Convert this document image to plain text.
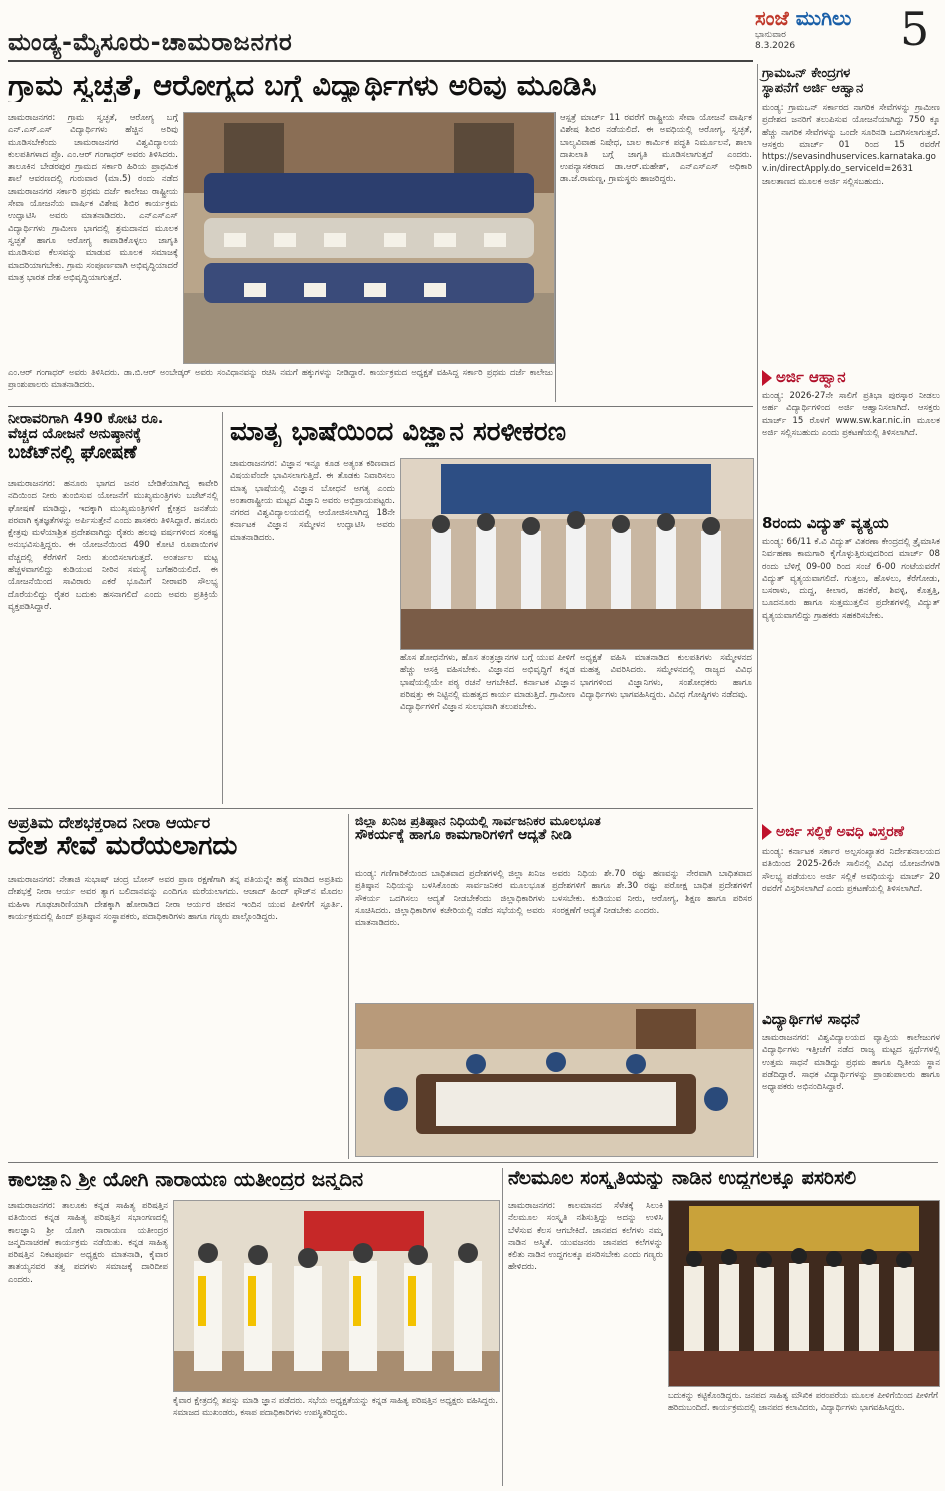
ಮಂಡ್ಯ-ಮೈಸೂರು-ಚಾಮರಾಜನಗರ
ಸಂಜೆ ಮುಗಿಲು
ಭಾನುವಾರ
8.3.2026	5
ಗ್ರಾಮ ಸ್ವಚ್ಛತೆ, ಆರೋಗ್ಯದ ಬಗ್ಗೆ ವಿದ್ಯಾರ್ಥಿಗಳು ಅರಿವು ಮೂಡಿಸಿ
ಚಾಮರಾಜನಗರ: ಗ್ರಾಮ ಸ್ವಚ್ಛತೆ, ಆರೋಗ್ಯ ಬಗ್ಗೆ ಎನ್.ಎಸ್.ಎಸ್ ವಿದ್ಯಾರ್ಥಿಗಳು ಹೆಚ್ಚಿನ ಅರಿವು ಮೂಡಿಸಬೇಕೆಂದು ಚಾಮರಾಜನಗರ ವಿಶ್ವವಿದ್ಯಾಲಯ ಕುಲಪತಿಗಳಾದ ಪ್ರೊ. ಎಂ.ಆರ್ ಗಂಗಾಧರ್ ಅವರು ತಿಳಿಸಿದರು. ತಾಲೂಕಿನ ಬೇಡರಪುರ ಗ್ರಾಮದ ಸರ್ಕಾರಿ ಹಿರಿಯ ಪ್ರಾಥಮಿಕ ಶಾಲೆ ಆವರಣದಲ್ಲಿ ಗುರುವಾರ (ಮಾ.5) ರಂದು ನಡೆದ ಚಾಮರಾಜನಗರ ಸರ್ಕಾರಿ ಪ್ರಥಮ ದರ್ಜೆ ಕಾಲೇಜು ರಾಷ್ಟ್ರೀಯ ಸೇವಾ ಯೋಜನೆಯ ವಾರ್ಷಿಕ ವಿಶೇಷ ಶಿಬಿರ ಕಾರ್ಯಕ್ರಮ ಉದ್ಘಾಟಿಸಿ ಅವರು ಮಾತನಾಡಿದರು. ಎನ್ಎಸ್ಎಸ್ ವಿದ್ಯಾರ್ಥಿಗಳು ಗ್ರಾಮೀಣ ಭಾಗದಲ್ಲಿ ಶ್ರಮದಾನದ ಮೂಲಕ ಸ್ವಚ್ಛತೆ ಹಾಗೂ ಆರೋಗ್ಯ ಕಾಪಾಡಿಕೊಳ್ಳಲು ಜಾಗೃತಿ ಮೂಡಿಸುವ ಕೆಲಸವನ್ನು ಮಾಡುವ ಮೂಲಕ ಸಮಾಜಕ್ಕೆ ಮಾದರಿಯಾಗಬೇಕು. ಗ್ರಾಮ ಸಂಪೂರ್ಣವಾಗಿ ಅಭಿವೃದ್ಧಿಯಾದರೆ ಮಾತ್ರ ಭಾರತ ದೇಶ ಅಭಿವೃದ್ಧಿಯಾಗುತ್ತದೆ.
ಆಸ್ಪತ್ರೆ ಮಾರ್ಚ್ 11 ರವರೆಗೆ ರಾಷ್ಟ್ರೀಯ ಸೇವಾ ಯೋಜನೆ ವಾರ್ಷಿಕ ವಿಶೇಷ ಶಿಬಿರ ನಡೆಯಲಿದೆ. ಈ ಅವಧಿಯಲ್ಲಿ ಆರೋಗ್ಯ, ಸ್ವಚ್ಛತೆ, ಬಾಲ್ಯವಿವಾಹ ನಿಷೇಧ, ಬಾಲ ಕಾರ್ಮಿಕ ಪದ್ಧತಿ ನಿರ್ಮೂಲನೆ, ಶಾಲಾ ದಾಖಲಾತಿ ಬಗ್ಗೆ ಜಾಗೃತಿ ಮೂಡಿಸಲಾಗುತ್ತದೆ ಎಂದರು. ಉಪನ್ಯಾಸಕರಾದ ಡಾ.ಆರ್.ಮಹೇಶ್, ಎನ್‌ಎಸ್‌ಎಸ್ ಅಧಿಕಾರಿ ಡಾ.ಜೆ.ರಾಮಣ್ಣ, ಗ್ರಾಮಸ್ಥರು ಹಾಜರಿದ್ದರು.
ಎಂ.ಆರ್ ಗಂಗಾಧರ್ ಅವರು ತಿಳಿಸಿದರು. ಡಾ.ಬಿ.ಆರ್ ಅಂಬೇಡ್ಕರ್ ಅವರು ಸಂವಿಧಾನವನ್ನು ರಚಿಸಿ ನಮಗೆ ಹಕ್ಕುಗಳನ್ನು ನೀಡಿದ್ದಾರೆ. ಕಾರ್ಯಕ್ರಮದ ಅಧ್ಯಕ್ಷತೆ ವಹಿಸಿದ್ದ ಸರ್ಕಾರಿ ಪ್ರಥಮ ದರ್ಜೆ ಕಾಲೇಜು ಪ್ರಾಂಶುಪಾಲರು ಮಾತನಾಡಿದರು.
ನೀರಾವರಿಗಾಗಿ 490 ಕೋಟಿ ರೂ.
ವೆಚ್ಚದ ಯೋಜನೆ ಅನುಷ್ಠಾನಕ್ಕೆ
ಬಜೆಟ್‌ನಲ್ಲಿ ಘೋಷಣೆ
ಚಾಮರಾಜನಗರ: ಹನೂರು ಭಾಗದ ಜನರ ಬೇಡಿಕೆಯಾಗಿದ್ದ ಕಾವೇರಿ ನದಿಯಿಂದ ನೀರು ತುಂಬಿಸುವ ಯೋಜನೆಗೆ ಮುಖ್ಯಮಂತ್ರಿಗಳು ಬಜೆಟ್‌ನಲ್ಲಿ ಘೋಷಣೆ ಮಾಡಿದ್ದು, ಇದಕ್ಕಾಗಿ ಮುಖ್ಯಮಂತ್ರಿಗಳಿಗೆ ಕ್ಷೇತ್ರದ ಜನತೆಯ ಪರವಾಗಿ ಕೃತಜ್ಞತೆಗಳನ್ನು ಅರ್ಪಿಸುತ್ತೇನೆ ಎಂದು ಶಾಸಕರು ತಿಳಿಸಿದ್ದಾರೆ. ಹನೂರು ಕ್ಷೇತ್ರವು ಮಳೆಯಾಶ್ರಿತ ಪ್ರದೇಶವಾಗಿದ್ದು ರೈತರು ಹಲವು ವರ್ಷಗಳಿಂದ ಸಂಕಷ್ಟ ಅನುಭವಿಸುತ್ತಿದ್ದರು. ಈ ಯೋಜನೆಯಿಂದ 490 ಕೋಟಿ ರೂಪಾಯಿಗಳ ವೆಚ್ಚದಲ್ಲಿ ಕೆರೆಗಳಿಗೆ ನೀರು ತುಂಬಿಸಲಾಗುತ್ತದೆ. ಅಂತರ್ಜಲ ಮಟ್ಟ ಹೆಚ್ಚಳವಾಗಲಿದ್ದು ಕುಡಿಯುವ ನೀರಿನ ಸಮಸ್ಯೆ ಬಗೆಹರಿಯಲಿದೆ. ಈ ಯೋಜನೆಯಿಂದ ಸಾವಿರಾರು ಎಕರೆ ಭೂಮಿಗೆ ನೀರಾವರಿ ಸೌಲಭ್ಯ ದೊರೆಯಲಿದ್ದು ರೈತರ ಬದುಕು ಹಸನಾಗಲಿದೆ ಎಂದು ಅವರು ಪ್ರತಿಕ್ರಿಯೆ ವ್ಯಕ್ತಪಡಿಸಿದ್ದಾರೆ.
ಮಾತೃ ಭಾಷೆಯಿಂದ ವಿಜ್ಞಾನ ಸರಳೀಕರಣ
ಚಾಮರಾಜನಗರ: ವಿಜ್ಞಾನ ಇನ್ನೂ ಕೂಡ ಅತ್ಯಂತ ಕಠಿಣವಾದ ವಿಷಯವೆಂದೇ ಭಾವಿಸಲಾಗುತ್ತಿದೆ. ಈ ತೊಡಕು ನಿವಾರಿಸಲು ಮಾತೃ ಭಾಷೆಯಲ್ಲಿ ವಿಜ್ಞಾನ ಬೋಧನೆ ಅಗತ್ಯ ಎಂದು ಅಂತಾರಾಷ್ಟ್ರೀಯ ಮಟ್ಟದ ವಿಜ್ಞಾನಿ ಅವರು ಅಭಿಪ್ರಾಯಪಟ್ಟರು. ನಗರದ ವಿಶ್ವವಿದ್ಯಾಲಯದಲ್ಲಿ ಆಯೋಜಿಸಲಾಗಿದ್ದ 18ನೇ ಕರ್ನಾಟಕ ವಿಜ್ಞಾನ ಸಮ್ಮೇಳನ ಉದ್ಘಾಟಿಸಿ ಅವರು ಮಾತನಾಡಿದರು.
ಹೊಸ ಶೋಧನೆಗಳು, ಹೊಸ ತಂತ್ರಜ್ಞಾನಗಳ ಬಗ್ಗೆ ಯುವ ಪೀಳಿಗೆ ಹೆಚ್ಚು ಆಸಕ್ತಿ ವಹಿಸಬೇಕು. ವಿಜ್ಞಾನದ ಅಭಿವೃದ್ಧಿಗೆ ಕನ್ನಡ ಭಾಷೆಯಲ್ಲಿಯೇ ಪಠ್ಯ ರಚನೆ ಆಗಬೇಕಿದೆ. ಕರ್ನಾಟಕ ವಿಜ್ಞಾನ ಪರಿಷತ್ತು ಈ ನಿಟ್ಟಿನಲ್ಲಿ ಮಹತ್ವದ ಕಾರ್ಯ ಮಾಡುತ್ತಿದೆ. ಗ್ರಾಮೀಣ ವಿದ್ಯಾರ್ಥಿಗಳಿಗೆ ವಿಜ್ಞಾನ ಸುಲಭವಾಗಿ ತಲುಪಬೇಕು.
ಅಧ್ಯಕ್ಷತೆ ವಹಿಸಿ ಮಾತನಾಡಿದ ಕುಲಪತಿಗಳು ಸಮ್ಮೇಳನದ ಮಹತ್ವ ವಿವರಿಸಿದರು. ಸಮ್ಮೇಳನದಲ್ಲಿ ರಾಜ್ಯದ ವಿವಿಧ ಭಾಗಗಳಿಂದ ವಿಜ್ಞಾನಿಗಳು, ಸಂಶೋಧಕರು ಹಾಗೂ ವಿದ್ಯಾರ್ಥಿಗಳು ಭಾಗವಹಿಸಿದ್ದರು. ವಿವಿಧ ಗೋಷ್ಠಿಗಳು ನಡೆದವು.
ಅಪ್ರತಿಮ ದೇಶಭಕ್ತರಾದ ನೀರಾ ಆರ್ಯರ
ದೇಶ ಸೇವೆ ಮರೆಯಲಾಗದು
ಚಾಮರಾಜನಗರ: ನೇತಾಜಿ ಸುಭಾಷ್ ಚಂದ್ರ ಬೋಸ್ ಅವರ ಪ್ರಾಣ ರಕ್ಷಣೆಗಾಗಿ ತನ್ನ ಪತಿಯನ್ನೇ ಹತ್ಯೆ ಮಾಡಿದ ಅಪ್ರತಿಮ ದೇಶಭಕ್ತೆ ನೀರಾ ಆರ್ಯ ಅವರ ತ್ಯಾಗ ಬಲಿದಾನವನ್ನು ಎಂದಿಗೂ ಮರೆಯಲಾಗದು. ಆಜಾದ್ ಹಿಂದ್ ಫೌಜ್‌ನ ಮೊದಲ ಮಹಿಳಾ ಗೂಢಚಾರಿಣಿಯಾಗಿ ದೇಶಕ್ಕಾಗಿ ಹೋರಾಡಿದ ನೀರಾ ಆರ್ಯರ ಜೀವನ ಇಂದಿನ ಯುವ ಪೀಳಿಗೆಗೆ ಸ್ಫೂರ್ತಿ. ಕಾರ್ಯಕ್ರಮದಲ್ಲಿ ಹಿಂದ್ ಪ್ರತಿಷ್ಠಾನ ಸಂಸ್ಥಾಪಕರು, ಪದಾಧಿಕಾರಿಗಳು ಹಾಗೂ ಗಣ್ಯರು ಪಾಲ್ಗೊಂಡಿದ್ದರು.
ಜಿಲ್ಲಾ ಖನಿಜ ಪ್ರತಿಷ್ಠಾನ ನಿಧಿಯಲ್ಲಿ ಸಾರ್ವಜನಿಕರ ಮೂಲಭೂತ
ಸೌಕರ್ಯಕ್ಕೆ ಹಾಗೂ ಕಾಮಗಾರಿಗಳಿಗೆ ಆದ್ಯತೆ ನೀಡಿ
ಮಂಡ್ಯ: ಗಣಿಗಾರಿಕೆಯಿಂದ ಬಾಧಿತವಾದ ಪ್ರದೇಶಗಳಲ್ಲಿ ಜಿಲ್ಲಾ ಖನಿಜ ಪ್ರತಿಷ್ಠಾನ ನಿಧಿಯನ್ನು ಬಳಸಿಕೊಂಡು ಸಾರ್ವಜನಿಕರ ಮೂಲಭೂತ ಸೌಕರ್ಯ ಒದಗಿಸಲು ಆದ್ಯತೆ ನೀಡಬೇಕೆಂದು ಜಿಲ್ಲಾಧಿಕಾರಿಗಳು ಸೂಚಿಸಿದರು. ಜಿಲ್ಲಾಧಿಕಾರಿಗಳ ಕಚೇರಿಯಲ್ಲಿ ನಡೆದ ಸಭೆಯಲ್ಲಿ ಅವರು ಮಾತನಾಡಿದರು.
ಅವರು ನಿಧಿಯ ಶೇ.70 ರಷ್ಟು ಹಣವನ್ನು ನೇರವಾಗಿ ಬಾಧಿತವಾದ ಪ್ರದೇಶಗಳಿಗೆ ಹಾಗೂ ಶೇ.30 ರಷ್ಟು ಪರೋಕ್ಷ ಬಾಧಿತ ಪ್ರದೇಶಗಳಿಗೆ ಬಳಸಬೇಕು. ಕುಡಿಯುವ ನೀರು, ಆರೋಗ್ಯ, ಶಿಕ್ಷಣ ಹಾಗೂ ಪರಿಸರ ಸಂರಕ್ಷಣೆಗೆ ಆದ್ಯತೆ ನೀಡಬೇಕು ಎಂದರು.
ಕಾಲಜ್ಞಾನಿ ಶ್ರೀ ಯೋಗಿ ನಾರಾಯಣ ಯತೀಂದ್ರರ ಜನ್ಮದಿನ
ಚಾಮರಾಜನಗರ: ತಾಲೂಕು ಕನ್ನಡ ಸಾಹಿತ್ಯ ಪರಿಷತ್ತಿನ ವತಿಯಿಂದ ಕನ್ನಡ ಸಾಹಿತ್ಯ ಪರಿಷತ್ತಿನ ಸಭಾಂಗಣದಲ್ಲಿ ಕಾಲಜ್ಞಾನಿ ಶ್ರೀ ಯೋಗಿ ನಾರಾಯಣ ಯತೀಂದ್ರರ ಜನ್ಮದಿನಾಚರಣೆ ಕಾರ್ಯಕ್ರಮ ನಡೆಯಿತು. ಕನ್ನಡ ಸಾಹಿತ್ಯ ಪರಿಷತ್ತಿನ ನಿಕಟಪೂರ್ವ ಅಧ್ಯಕ್ಷರು ಮಾತನಾಡಿ, ಕೈವಾರ ತಾತಯ್ಯನವರ ತತ್ವ ಪದಗಳು ಸಮಾಜಕ್ಕೆ ದಾರಿದೀಪ ಎಂದರು.
ಕೈವಾರ ಕ್ಷೇತ್ರದಲ್ಲಿ ತಪಸ್ಸು ಮಾಡಿ ಜ್ಞಾನ ಪಡೆದರು. ಸಭೆಯ ಅಧ್ಯಕ್ಷತೆಯನ್ನು ಕನ್ನಡ ಸಾಹಿತ್ಯ ಪರಿಷತ್ತಿನ ಅಧ್ಯಕ್ಷರು ವಹಿಸಿದ್ದರು. ಸಮಾಜದ ಮುಖಂಡರು, ಕಸಾಪ ಪದಾಧಿಕಾರಿಗಳು ಉಪಸ್ಥಿತರಿದ್ದರು.
ನೆಲಮೂಲ ಸಂಸ್ಕೃತಿಯನ್ನು ನಾಡಿನ ಉದ್ದಗಲಕ್ಕೂ ಪಸರಿಸಲಿ
ಚಾಮರಾಜನಗರ: ಕಾಲಮಾನದ ಸೆಳೆತಕ್ಕೆ ಸಿಲುಕಿ ನೆಲಮೂಲ ಸಂಸ್ಕೃತಿ ನಶಿಸುತ್ತಿದ್ದು ಅದನ್ನು ಉಳಿಸಿ ಬೆಳೆಸುವ ಕೆಲಸ ಆಗಬೇಕಿದೆ. ಜಾನಪದ ಕಲೆಗಳು ನಮ್ಮ ನಾಡಿನ ಅಸ್ಮಿತೆ. ಯುವಜನರು ಜಾನಪದ ಕಲೆಗಳನ್ನು ಕಲಿತು ನಾಡಿನ ಉದ್ದಗಲಕ್ಕೂ ಪಸರಿಸಬೇಕು ಎಂದು ಗಣ್ಯರು ಹೇಳಿದರು.
ಬದುಕನ್ನು ಕಟ್ಟಿಕೊಂಡಿದ್ದರು. ಜನಪದ ಸಾಹಿತ್ಯ ಮೌಖಿಕ ಪರಂಪರೆಯ ಮೂಲಕ ಪೀಳಿಗೆಯಿಂದ ಪೀಳಿಗೆಗೆ ಹರಿದುಬಂದಿದೆ. ಕಾರ್ಯಕ್ರಮದಲ್ಲಿ ಜಾನಪದ ಕಲಾವಿದರು, ವಿದ್ಯಾರ್ಥಿಗಳು ಭಾಗವಹಿಸಿದ್ದರು.
ಗ್ರಾಮಒನ್ ಕೇಂದ್ರಗಳ
ಸ್ಥಾಪನೆಗೆ ಅರ್ಜಿ ಆಹ್ವಾನ
ಮಂಡ್ಯ: ಗ್ರಾಮಒನ್ ಸರ್ಕಾರದ ನಾಗರಿಕ ಸೇವೆಗಳನ್ನು ಗ್ರಾಮೀಣ ಪ್ರದೇಶದ ಜನರಿಗೆ ತಲುಪಿಸುವ ಯೋಜನೆಯಾಗಿದ್ದು 750 ಕ್ಕೂ ಹೆಚ್ಚು ನಾಗರಿಕ ಸೇವೆಗಳನ್ನು ಒಂದೇ ಸೂರಿನಡಿ ಒದಗಿಸಲಾಗುತ್ತದೆ. ಆಸಕ್ತರು ಮಾರ್ಚ್ 01 ರಿಂದ 15 ರವರೆಗೆ https://sevasindhuservices.karnataka.gov.in/directApply.do_serviceId=2631 ಜಾಲತಾಣದ ಮೂಲಕ ಅರ್ಜಿ ಸಲ್ಲಿಸಬಹುದು.
ಅರ್ಜಿ ಆಹ್ವಾನ
ಮಂಡ್ಯ: 2026-27ನೇ ಸಾಲಿಗೆ ಪ್ರತಿಭಾ ಪುರಸ್ಕಾರ ನೀಡಲು ಅರ್ಹ ವಿದ್ಯಾರ್ಥಿಗಳಿಂದ ಅರ್ಜಿ ಆಹ್ವಾನಿಸಲಾಗಿದೆ. ಆಸಕ್ತರು ಮಾರ್ಚ್ 15 ರೊಳಗೆ www.sw.kar.nic.in ಮೂಲಕ ಅರ್ಜಿ ಸಲ್ಲಿಸಬಹುದು ಎಂದು ಪ್ರಕಟಣೆಯಲ್ಲಿ ತಿಳಿಸಲಾಗಿದೆ.
8ರಂದು ವಿದ್ಯುತ್ ವ್ಯತ್ಯಯ
ಮಂಡ್ಯ: 66/11 ಕೆ.ವಿ ವಿದ್ಯುತ್ ವಿತರಣಾ ಕೇಂದ್ರದಲ್ಲಿ ತ್ರೈಮಾಸಿಕ ನಿರ್ವಹಣಾ ಕಾಮಗಾರಿ ಕೈಗೊಳ್ಳುತ್ತಿರುವುದರಿಂದ ಮಾರ್ಚ್ 08 ರಂದು ಬೆಳಿಗ್ಗೆ 09-00 ರಿಂದ ಸಂಜೆ 6-00 ಗಂಟೆಯವರೆಗೆ ವಿದ್ಯುತ್ ವ್ಯತ್ಯಯವಾಗಲಿದೆ. ಗುತ್ತಲು, ಹೊಳಲು, ಕೆರೆಗೋಡು, ಬಸರಾಳು, ದುದ್ದ, ಕೀಲಾರ, ಹನಕೆರೆ, ಶಿವಳ್ಳಿ, ಕೊತ್ತತ್ತಿ, ಬೂದನೂರು ಹಾಗೂ ಸುತ್ತಮುತ್ತಲಿನ ಪ್ರದೇಶಗಳಲ್ಲಿ ವಿದ್ಯುತ್ ವ್ಯತ್ಯಯವಾಗಲಿದ್ದು ಗ್ರಾಹಕರು ಸಹಕರಿಸಬೇಕು.
ಅರ್ಜಿ ಸಲ್ಲಿಕೆ ಅವಧಿ ವಿಸ್ತರಣೆ
ಮಂಡ್ಯ: ಕರ್ನಾಟಕ ಸರ್ಕಾರ ಅಲ್ಪಸಂಖ್ಯಾತರ ನಿರ್ದೇಶನಾಲಯದ ವತಿಯಿಂದ 2025-26ನೇ ಸಾಲಿನಲ್ಲಿ ವಿವಿಧ ಯೋಜನೆಗಳಡಿ ಸೌಲಭ್ಯ ಪಡೆಯಲು ಅರ್ಜಿ ಸಲ್ಲಿಕೆ ಅವಧಿಯನ್ನು ಮಾರ್ಚ್ 20 ರವರೆಗೆ ವಿಸ್ತರಿಸಲಾಗಿದೆ ಎಂದು ಪ್ರಕಟಣೆಯಲ್ಲಿ ತಿಳಿಸಲಾಗಿದೆ.
ವಿದ್ಯಾರ್ಥಿಗಳ ಸಾಧನೆ
ಚಾಮರಾಜನಗರ: ವಿಶ್ವವಿದ್ಯಾಲಯದ ವ್ಯಾಪ್ತಿಯ ಕಾಲೇಜುಗಳ ವಿದ್ಯಾರ್ಥಿಗಳು ಇತ್ತೀಚೆಗೆ ನಡೆದ ರಾಜ್ಯ ಮಟ್ಟದ ಸ್ಪರ್ಧೆಗಳಲ್ಲಿ ಉತ್ತಮ ಸಾಧನೆ ಮಾಡಿದ್ದು ಪ್ರಥಮ ಹಾಗೂ ದ್ವಿತೀಯ ಸ್ಥಾನ ಪಡೆದಿದ್ದಾರೆ. ಸಾಧಕ ವಿದ್ಯಾರ್ಥಿಗಳನ್ನು ಪ್ರಾಂಶುಪಾಲರು ಹಾಗೂ ಅಧ್ಯಾಪಕರು ಅಭಿನಂದಿಸಿದ್ದಾರೆ.
